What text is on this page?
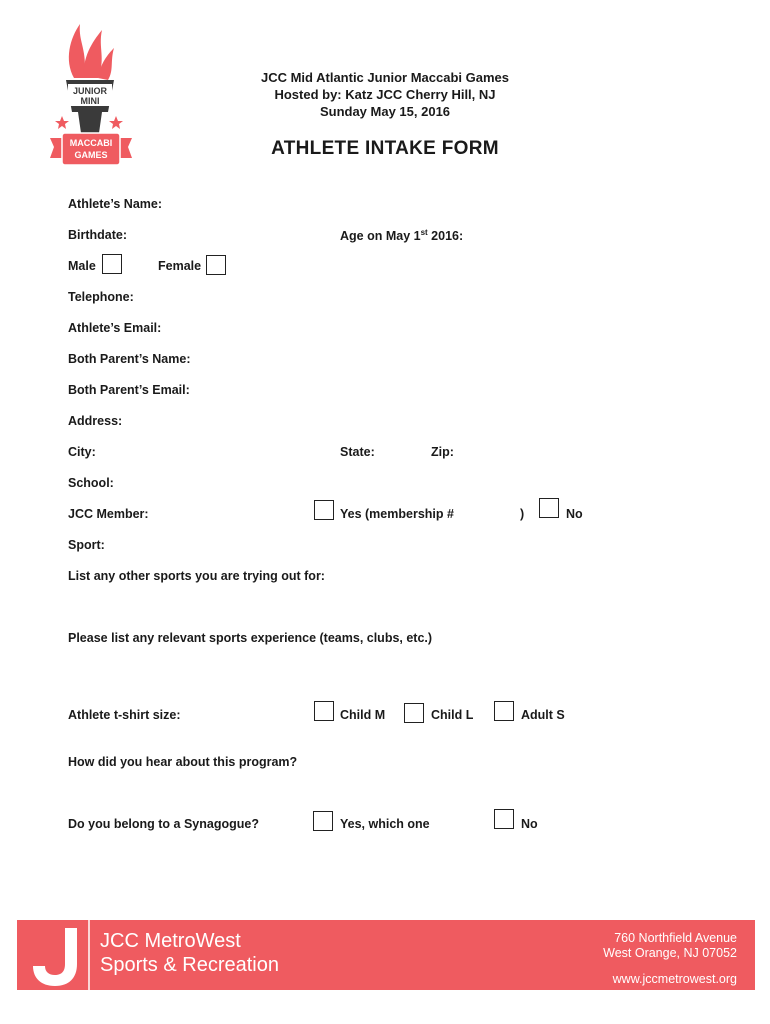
JUNIOR
MINI
MACCABI
GAMES
JCC Mid Atlantic Junior Maccabi Games
Hosted by: Katz JCC Cherry Hill, NJ
Sunday May 15, 2016
ATHLETE INTAKE FORM
Athlete’s Name:
Birthdate:	Age on May 1st 2016:
Male	Female
Telephone:
Athlete’s Email:
Both Parent’s Name:
Both Parent’s Email:
Address:
City:	State:	Zip:
School:
JCC Member:	Yes (membership #	)	No
Sport:
List any other sports you are trying out for:
Please list any relevant sports experience (teams, clubs, etc.)
Athlete t-shirt size:	Child M	Child L	Adult S
How did you hear about this program?
Do you belong to a Synagogue?	Yes, which one	No
JCC MetroWest
Sports & Recreation
760 Northfield Avenue
West Orange, NJ 07052
www.jccmetrowest.org
